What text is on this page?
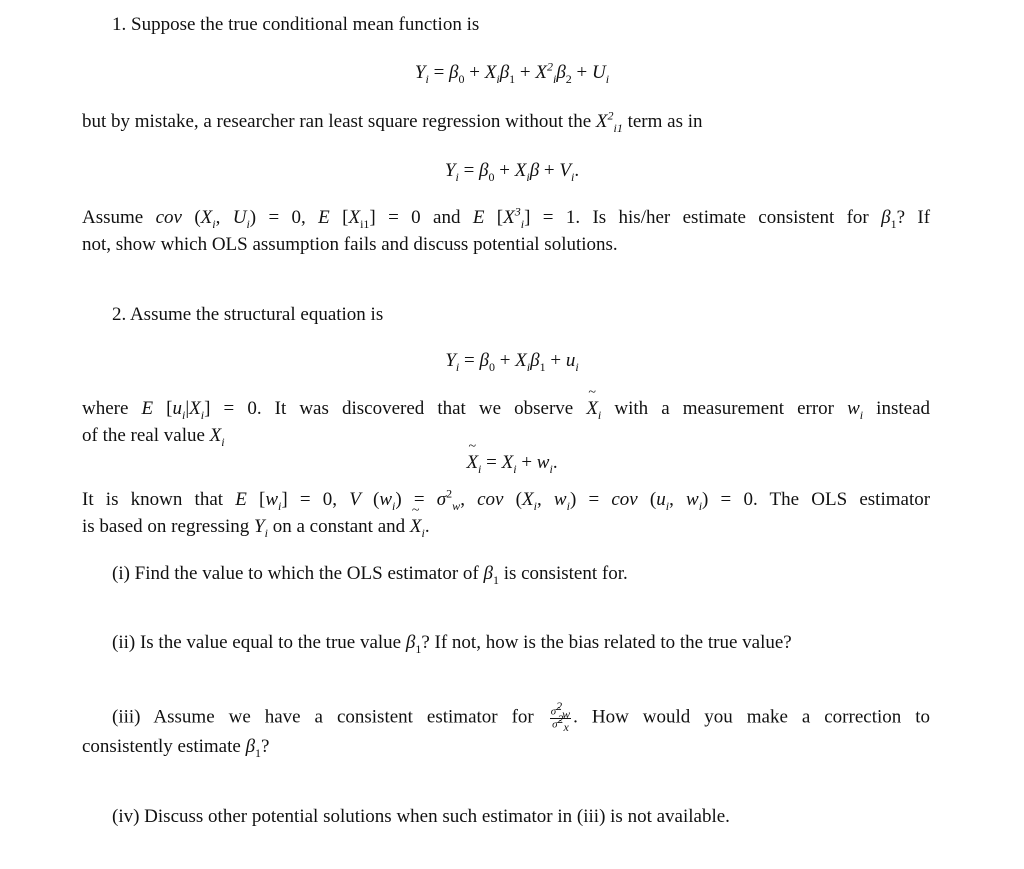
1. Suppose the true conditional mean function is
$Y_i = \beta_0 + X_i\beta_1 + X^2_i\beta_2 + U_i$
but by mistake, a researcher ran least square regression without the $X^2_{i1}$ term as in
$Y_i = \beta_0 + X_i\beta + V_i$.
Assume cov ($X_i$, $U_i) = 0$, E $[X_{i1}] = 0$ and E $[X^3_i] = 1$. Is his/her estimate consistent for $\beta_1$? If
not, show which OLS assumption fails and discuss potential solutions.
2. Assume the structural equation is
$Y_i = \beta_0 + X_i\beta_1 + u_i$
where E $[u_i|X_i] = 0$. It was discovered that we observe X $\sim_i$ with a measurement error $w_i$ instead
of the real value $X_i$
X $\sim_i = X_i + w_i$.
It is known that E $[w_i] = 0$, V $(w_i) = \sigma^2_w$, cov ($X_i$, $w_i$) = cov ($u_i$, $w_i) = 0$. The OLS estimator
is based on regressing $Y_i$ on a constant and X $\sim_i$.
(i) Find the value to which the OLS estimator of $\beta_1$ is consistent for.
(ii) Is the value equal to the true value $\beta_1$? If not, how is the bias related to the true value?
(iii) Assume we have a consistent estimator for $\frac{\sigmâ^2_w}{\sigmâ^2_x}$ . How would you make a correction to
consistently estimate $\beta_1$?
(iv) Discuss other potential solutions when such estimator in (iii) is not available.
